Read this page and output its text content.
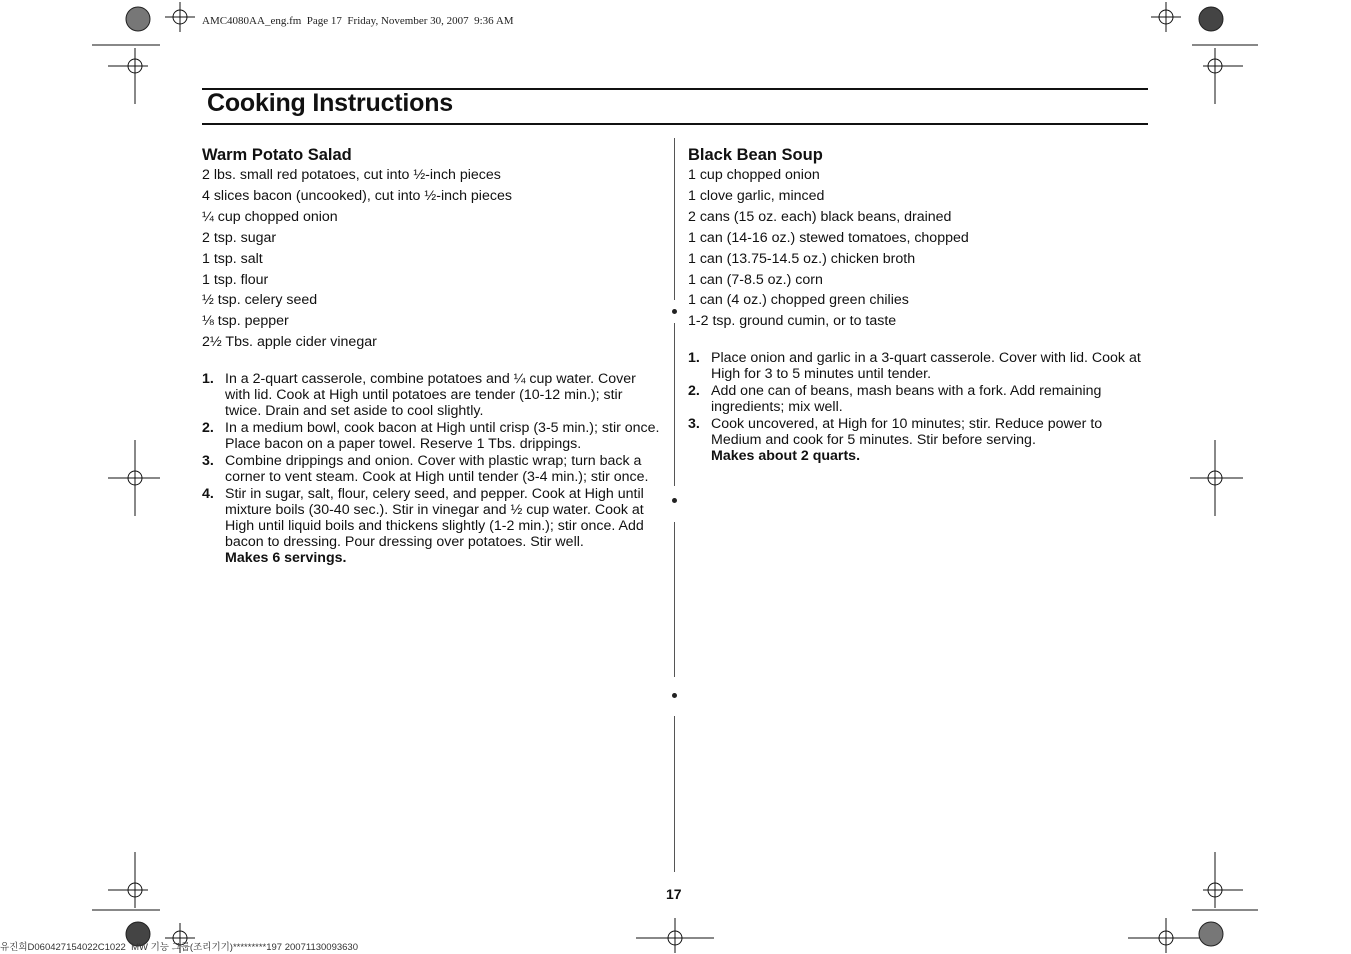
AMC4080AA_eng.fm  Page 17  Friday, November 30, 2007  9:36 AM
Cooking Instructions
Warm Potato Salad
2 lbs. small red potatoes, cut into ½-inch pieces
4 slices bacon (uncooked), cut into ½-inch pieces
¼ cup chopped onion
2 tsp. sugar
1 tsp. salt
1 tsp. flour
½ tsp. celery seed
⅛ tsp. pepper
2½ Tbs. apple cider vinegar
1. In a 2-quart casserole, combine potatoes and ¼ cup water. Cover with lid. Cook at High until potatoes are tender (10-12 min.); stir twice. Drain and set aside to cool slightly.
2. In a medium bowl, cook bacon at High until crisp (3-5 min.); stir once. Place bacon on a paper towel. Reserve 1 Tbs. drippings.
3. Combine drippings and onion. Cover with plastic wrap; turn back a corner to vent steam. Cook at High until tender (3-4 min.); stir once.
4. Stir in sugar, salt, flour, celery seed, and pepper. Cook at High until mixture boils (30-40 sec.). Stir in vinegar and ½ cup water. Cook at High until liquid boils and thickens slightly (1-2 min.); stir once. Add bacon to dressing. Pour dressing over potatoes. Stir well.
Makes 6 servings.
Black Bean Soup
1 cup chopped onion
1 clove garlic, minced
2 cans (15 oz. each) black beans, drained
1 can (14-16 oz.) stewed tomatoes, chopped
1 can (13.75-14.5 oz.) chicken broth
1 can (7-8.5 oz.) corn
1 can (4 oz.) chopped green chilies
1-2 tsp. ground cumin, or to taste
1. Place onion and garlic in a 3-quart casserole. Cover with lid. Cook at High for 3 to 5 minutes until tender.
2. Add one can of beans, mash beans with a fork. Add remaining ingredients; mix well.
3. Cook uncovered, at High for 10 minutes; stir. Reduce power to Medium and cook for 5 minutes. Stir before serving.
Makes about 2 quarts.
17
유진희D060427154022C1022  MW 기능 그룹(조리기기)*********197 20071130093630
